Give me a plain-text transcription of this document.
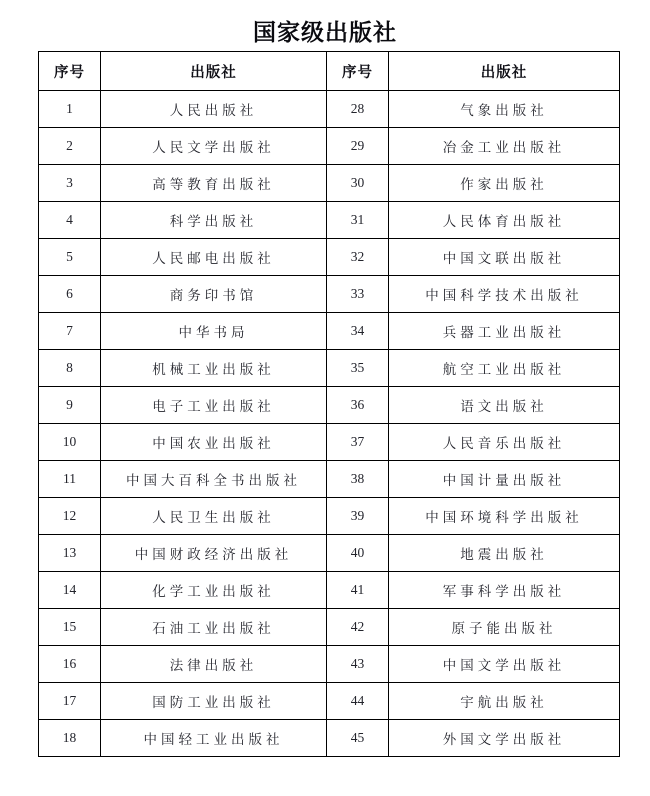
国家级出版社
序号	出版社	序号	出版社
1	人民出版社	28	气象出版社
2	人民文学出版社	29	冶金工业出版社
3	高等教育出版社	30	作家出版社
4	科学出版社	31	人民体育出版社
5	人民邮电出版社	32	中国文联出版社
6	商务印书馆	33	中国科学技术出版社
7	中华书局	34	兵器工业出版社
8	机械工业出版社	35	航空工业出版社
9	电子工业出版社	36	语文出版社
10	中国农业出版社	37	人民音乐出版社
11	中国大百科全书出版社	38	中国计量出版社
12	人民卫生出版社	39	中国环境科学出版社
13	中国财政经济出版社	40	地震出版社
14	化学工业出版社	41	军事科学出版社
15	石油工业出版社	42	原子能出版社
16	法律出版社	43	中国文学出版社
17	国防工业出版社	44	宇航出版社
18	中国轻工业出版社	45	外国文学出版社
